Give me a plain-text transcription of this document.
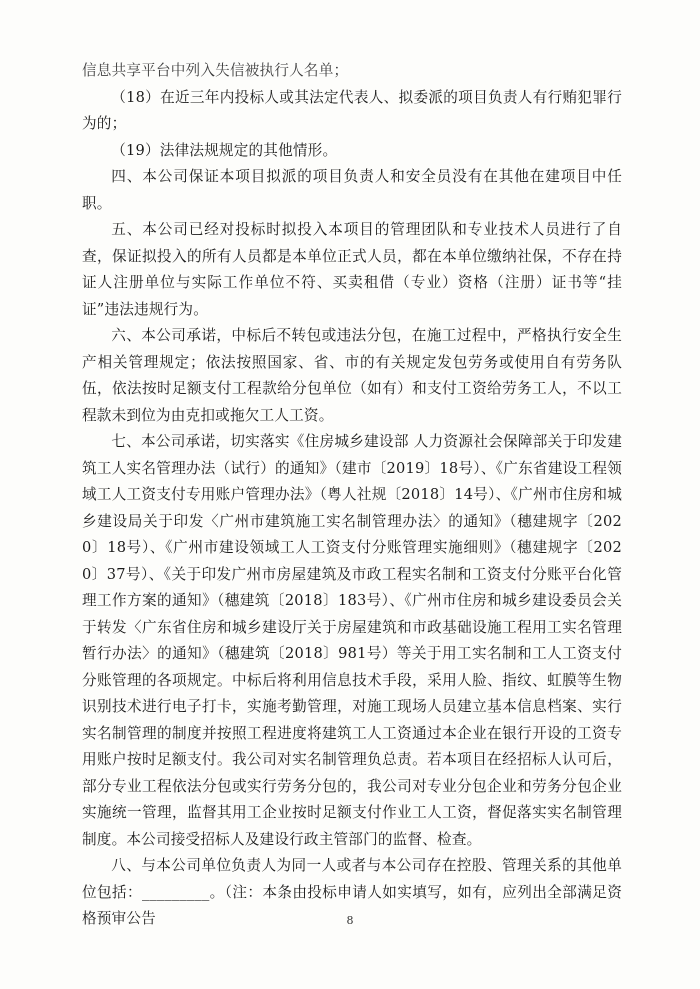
信息共享平台中列入失信被执行人名单；

（18）在近三年内投标人或其法定代表人、拟委派的项目负责人有行贿犯罪行为的；

（19）法律法规规定的其他情形。

四、本公司保证本项目拟派的项目负责人和安全员没有在其他在建项目中任职。

五、本公司已经对投标时拟投入本项目的管理团队和专业技术人员进行了自查，保证拟投入的所有人员都是本单位正式人员，都在本单位缴纳社保，不存在持证人注册单位与实际工作单位不符、买卖租借（专业）资格（注册）证书等“挂证”违法违规行为。

六、本公司承诺，中标后不转包或违法分包，在施工过程中，严格执行安全生产相关管理规定；依法按照国家、省、市的有关规定发包劳务或使用自有劳务队伍，依法按时足额支付工程款给分包单位（如有）和支付工资给劳务工人，不以工程款未到位为由克扣或拖欠工人工资。

七、本公司承诺，切实落实《住房城乡建设部 人力资源社会保障部关于印发建筑工人实名管理办法（试行）的通知》（建市〔2019〕18号）、《广东省建设工程领域工人工资支付专用账户管理办法》（粤人社规〔2018〕14号）、《广州市住房和城乡建设局关于印发〈广州市建筑施工实名制管理办法〉的通知》（穗建规字〔2020〕18号）、《广州市建设领域工人工资支付分账管理实施细则》（穗建规字〔2020〕37号）、《关于印发广州市房屋建筑及市政工程实名制和工资支付分账平台化管理工作方案的通知》（穗建筑〔2018〕183号）、《广州市住房和城乡建设委员会关于转发〈广东省住房和城乡建设厅关于房屋建筑和市政基础设施工程用工实名管理暂行办法〉的通知》（穗建筑〔2018〕981号）等关于用工实名制和工人工资支付分账管理的各项规定。中标后将利用信息技术手段，采用人脸、指纹、虹膜等生物识别技术进行电子打卡，实施考勤管理，对施工现场人员建立基本信息档案、实行实名制管理的制度并按照工程进度将建筑工人工资通过本企业在银行开设的工资专用账户按时足额支付。我公司对实名制管理负总责。若本项目在经招标人认可后，部分专业工程依法分包或实行劳务分包的，我公司对专业分包企业和劳务分包企业实施统一管理，监督其用工企业按时足额支付作业工人工资，督促落实实名制管理制度。本公司接受招标人及建设行政主管部门的监督、检查。

八、与本公司单位负责人为同一人或者与本公司存在控股、管理关系的其他单位包括：_________。（注：本条由投标申请人如实填写，如有，应列出全部满足资格预审公告	8
